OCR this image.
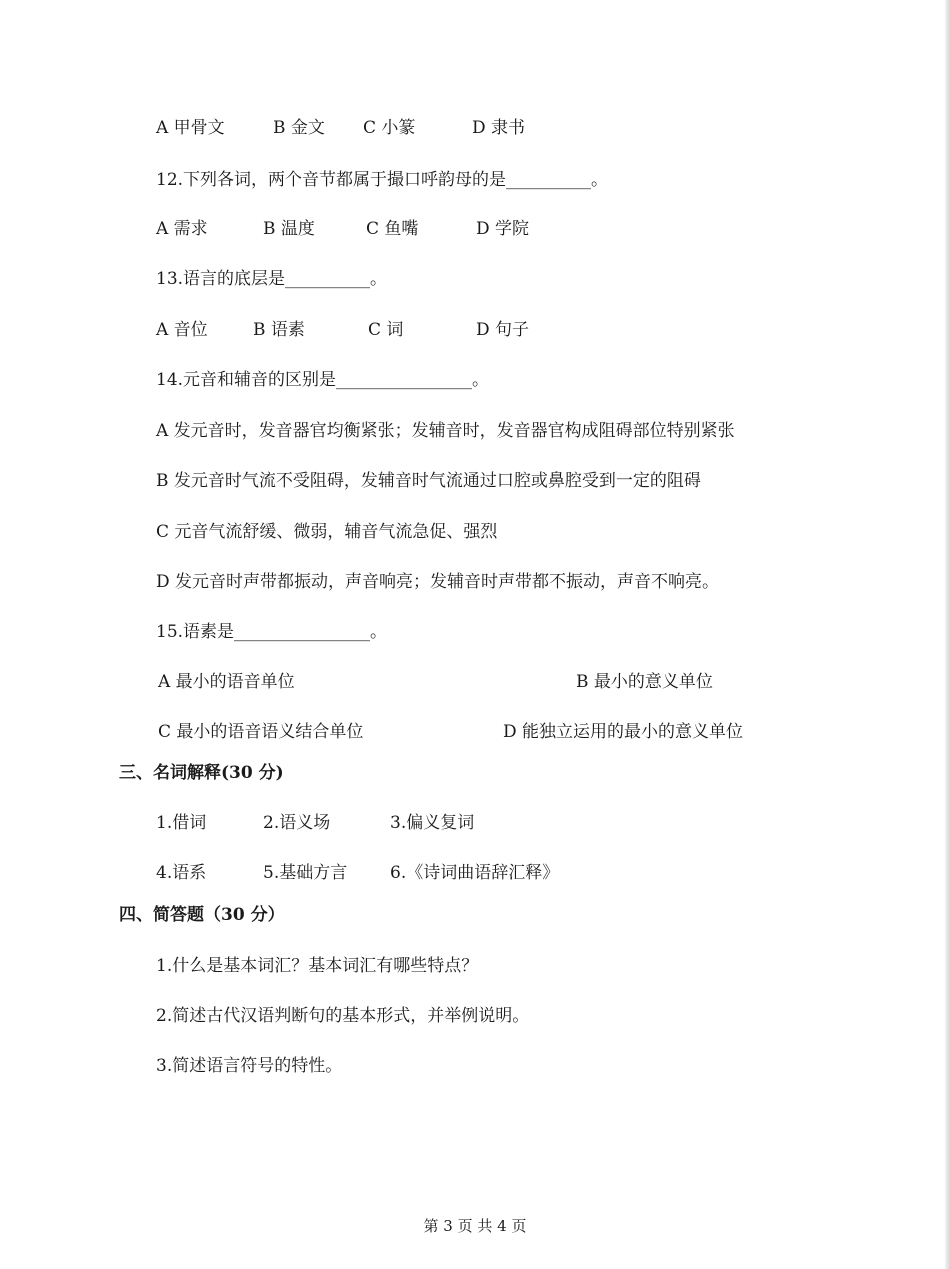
A 甲骨文	B 金文 C 小篆	D 隶书
12.下列各词，两个音节都属于撮口呼韵母的是__________。
A 需求	B 温度	C 鱼嘴	D 学院
13.语言的底层是__________。
A 音位	B 语素	C 词	D 句子
14.元音和辅音的区别是________________。
A 发元音时，发音器官均衡紧张；发辅音时，发音器官构成阻碍部位特别紧张
B 发元音时气流不受阻碍，发辅音时气流通过口腔或鼻腔受到一定的阻碍
C 元音气流舒缓、微弱，辅音气流急促、强烈
D 发元音时声带都振动，声音响亮；发辅音时声带都不振动，声音不响亮。
15.语素是________________。
A 最小的语音单位	B 最小的意义单位
C 最小的语音语义结合单位	D 能独立运用的最小的意义单位
三、名词解释(30 分)
1.借词	2.语义场	3.偏义复词
4.语系	5.基础方言	6.《诗词曲语辞汇释》
四、简答题（30 分）
1.什么是基本词汇？基本词汇有哪些特点？
2.简述古代汉语判断句的基本形式，并举例说明。
3.简述语言符号的特性。
第 3 页 共 4 页
